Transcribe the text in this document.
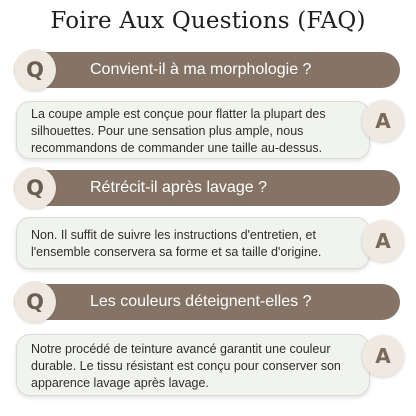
Foire Aux Questions (FAQ)
Q	Convient-il à ma morphologie ?
La coupe ample est conçue pour flatter la plupart des silhouettes. Pour une sensation plus ample, nous recommandons de commander une taille au-dessus.
A
Q	Rétrécit-il après lavage ?
Non. Il suffit de suivre les instructions d'entretien, et l'ensemble conservera sa forme et sa taille d'origine.	A
Q	Les couleurs déteignent-elles ?
Notre procédé de teinture avancé garantit une couleur durable. Le tissu résistant est conçu pour conserver son apparence lavage après lavage.
A
